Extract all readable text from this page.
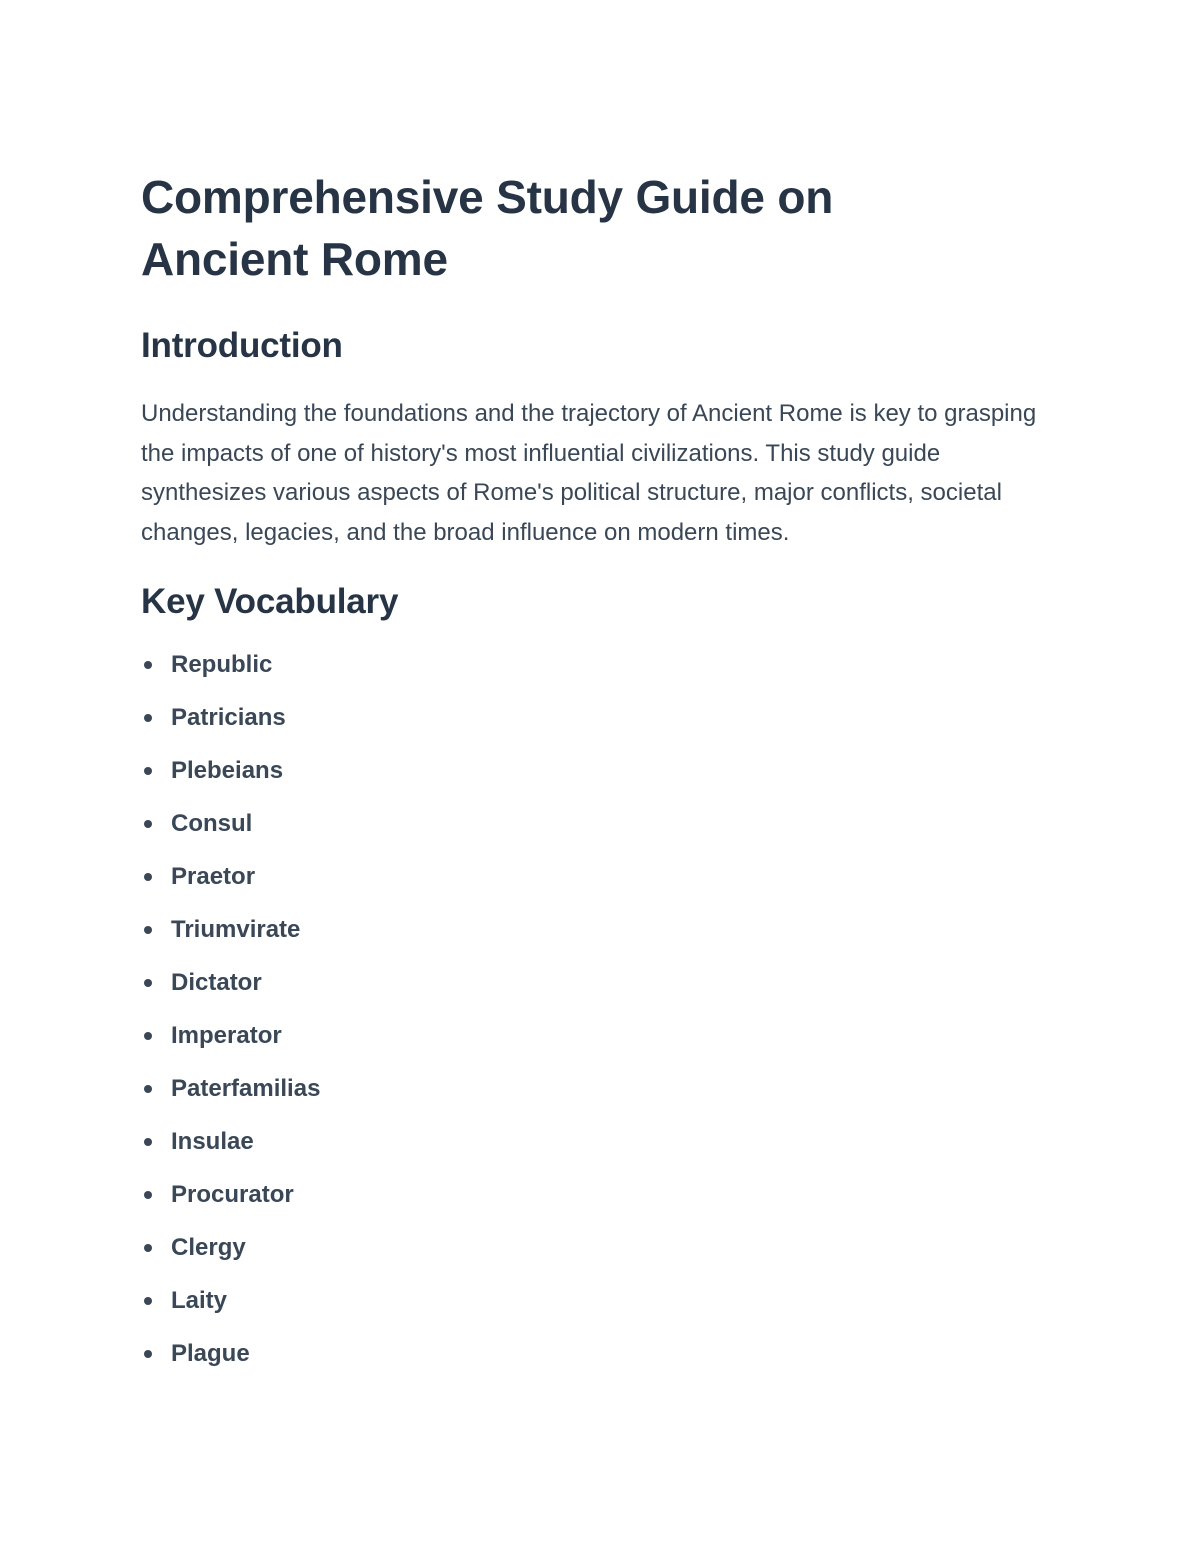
Comprehensive Study Guide on Ancient Rome
Introduction

Understanding the foundations and the trajectory of Ancient Rome is key to grasping the impacts of one of history's most influential civilizations. This study guide synthesizes various aspects of Rome's political structure, major conflicts, societal changes, legacies, and the broad influence on modern times.

Key Vocabulary
Republic
Patricians
Plebeians
Consul
Praetor
Triumvirate
Dictator
Imperator
Paterfamilias
Insulae
Procurator
Clergy
Laity
Plague
